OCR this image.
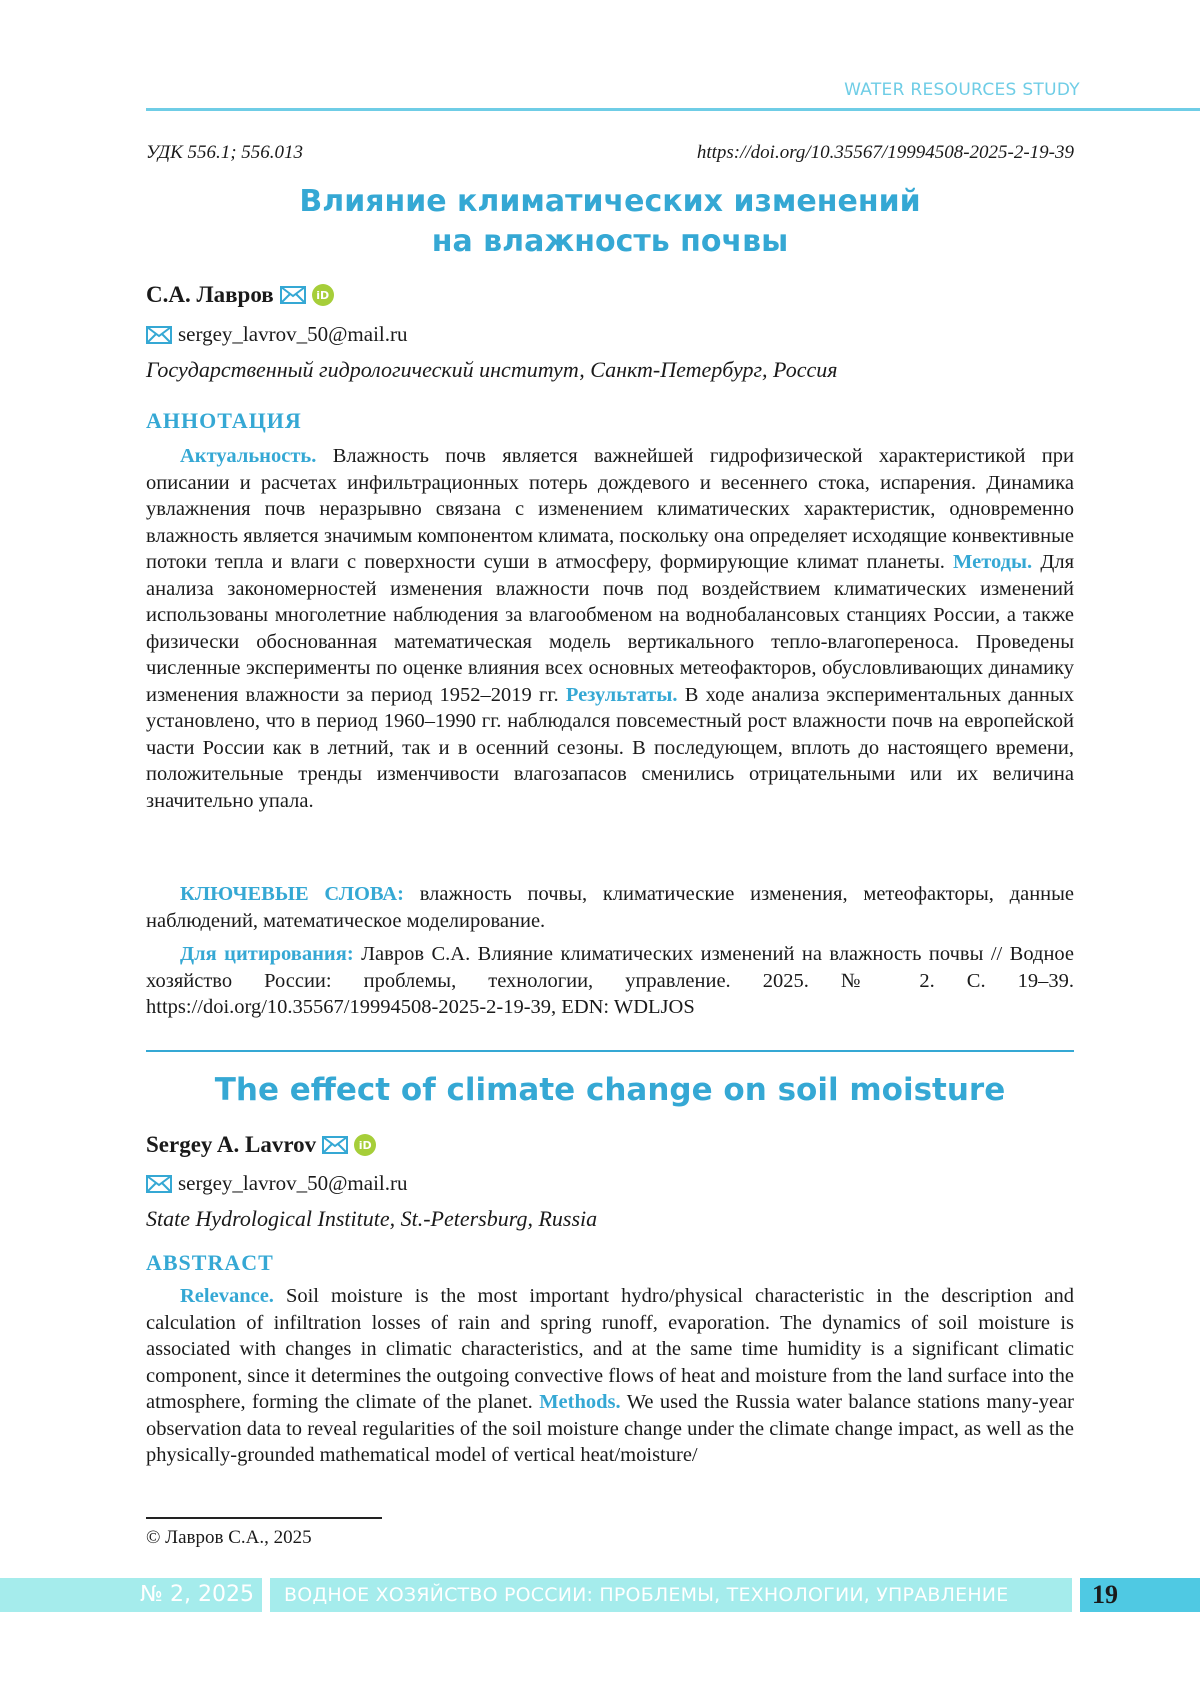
WATER RESOURCES STUDY
УДК 556.1; 556.013	https://doi.org/10.35567/19994508-2025-2-19-39
Влияние климатических изменений
на влажность почвы
С.А. Лавров	iD
sergey_lavrov_50@mail.ru
Государственный гидрологический институт, Санкт-Петербург, Россия
АННОТАЦИЯ

Актуальность. Влажность почв является важнейшей гидрофизической характеристикой при описании и расчетах инфильтрационных потерь дождевого и весеннего стока, испарения. Динамика увлажнения почв неразрывно связана с изменением климатических характеристик, одновременно влажность является значимым компонентом климата, поскольку она определяет исходящие конвективные потоки тепла и влаги с поверхности суши в атмосферу, формирующие климат планеты. Методы. Для анализа закономерностей изменения влажности почв под воздействием климатических изменений использованы многолетние наблюдения за влагообменом на воднобалансовых станциях России, а также физически обоснованная математическая модель вертикального тепло-влагопереноса. Проведены численные эксперименты по оценке влияния всех основных метеофакторов, обусловливающих динамику изменения влажности за период 1952–2019 гг. Результаты. В ходе анализа экспериментальных данных установлено, что в период 1960–1990 гг. наблюдался повсеместный рост влажности почв на европейской части России как в летний, так и в осенний сезоны. В последующем, вплоть до настоящего времени, положительные тренды изменчивости влагозапасов сменились отрицательными или их величина значительно упала.

КЛЮЧЕВЫЕ СЛОВА: влажность почвы, климатические изменения, метеофакторы, данные наблюдений, математическое моделирование.

Для цитирования: Лавров С.А. Влияние климатических изменений на влажность почвы // Водное хозяйство России: проблемы, технологии, управление. 2025. № 2. С. 19–39. https://doi.org/10.35567/19994508-2025-2-19-39, EDN: WDLJOS

The effect of climate change on soil moisture
Sergey A. Lavrov	iD
sergey_lavrov_50@mail.ru
State Hydrological Institute, St.-Petersburg, Russia
ABSTRACT

Relevance. Soil moisture is the most important hydro/physical characteristic in the description and calculation of infiltration losses of rain and spring runoff, evaporation. The dynamics of soil moisture is associated with changes in climatic characteristics, and at the same time humidity is a significant climatic component, since it determines the outgoing convective flows of heat and moisture from the land surface into the atmosphere, forming the climate of the planet. Methods. We used the Russia water balance stations many-year observation data to reveal regularities of the soil moisture change under the climate change impact, as well as the physically-grounded mathematical model of vertical heat/moisture/

© Лавров С.А., 2025
№ 2, 2025	ВОДНОЕ ХОЗЯЙСТВО РОССИИ: ПРОБЛЕМЫ, ТЕХНОЛОГИИ, УПРАВЛЕНИЕ	19
